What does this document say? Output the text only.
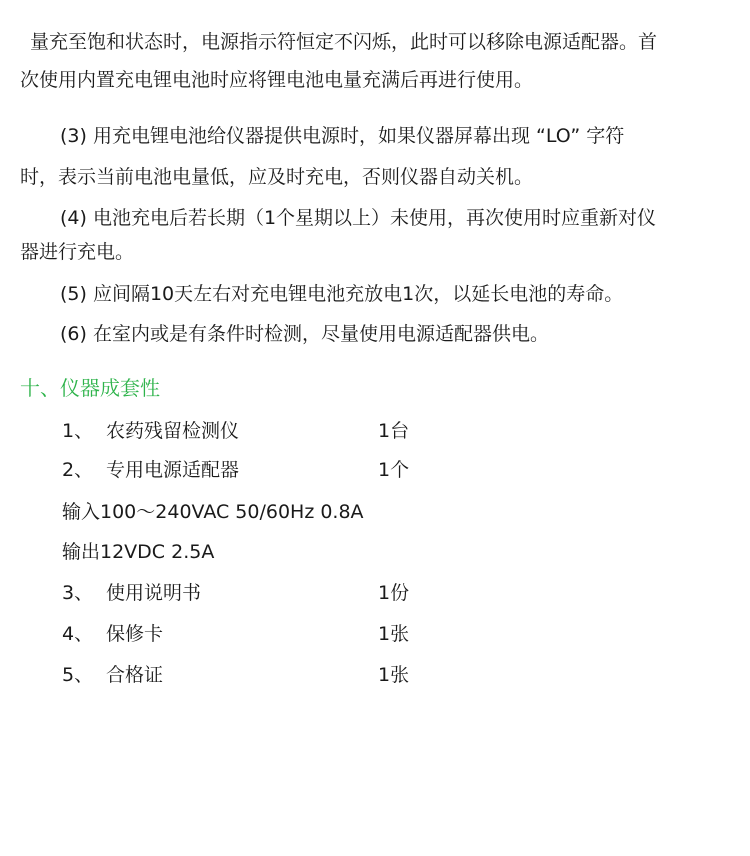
量充至饱和状态时，电源指示符恒定不闪烁，此时可以移除电源适配器。首
次使用内置充电锂电池时应将锂电池电量充满后再进行使用。
(3) 用充电锂电池给仪器提供电源时，如果仪器屏幕出现 “LO” 字符
时，表示当前电池电量低，应及时充电，否则仪器自动关机。
(4) 电池充电后若长期（1个星期以上）未使用，再次使用时应重新对仪
器进行充电。
(5) 应间隔10天左右对充电锂电池充放电1次，以延长电池的寿命。
(6) 在室内或是有条件时检测，尽量使用电源适配器供电。
十、仪器成套性
1、 农药残留检测仪	1台
2、 专用电源适配器	1个
输入100～240VAC 50/60Hz 0.8A
输出12VDC 2.5A
3、 使用说明书	1份
4、 保修卡	1张
5、 合格证	1张
